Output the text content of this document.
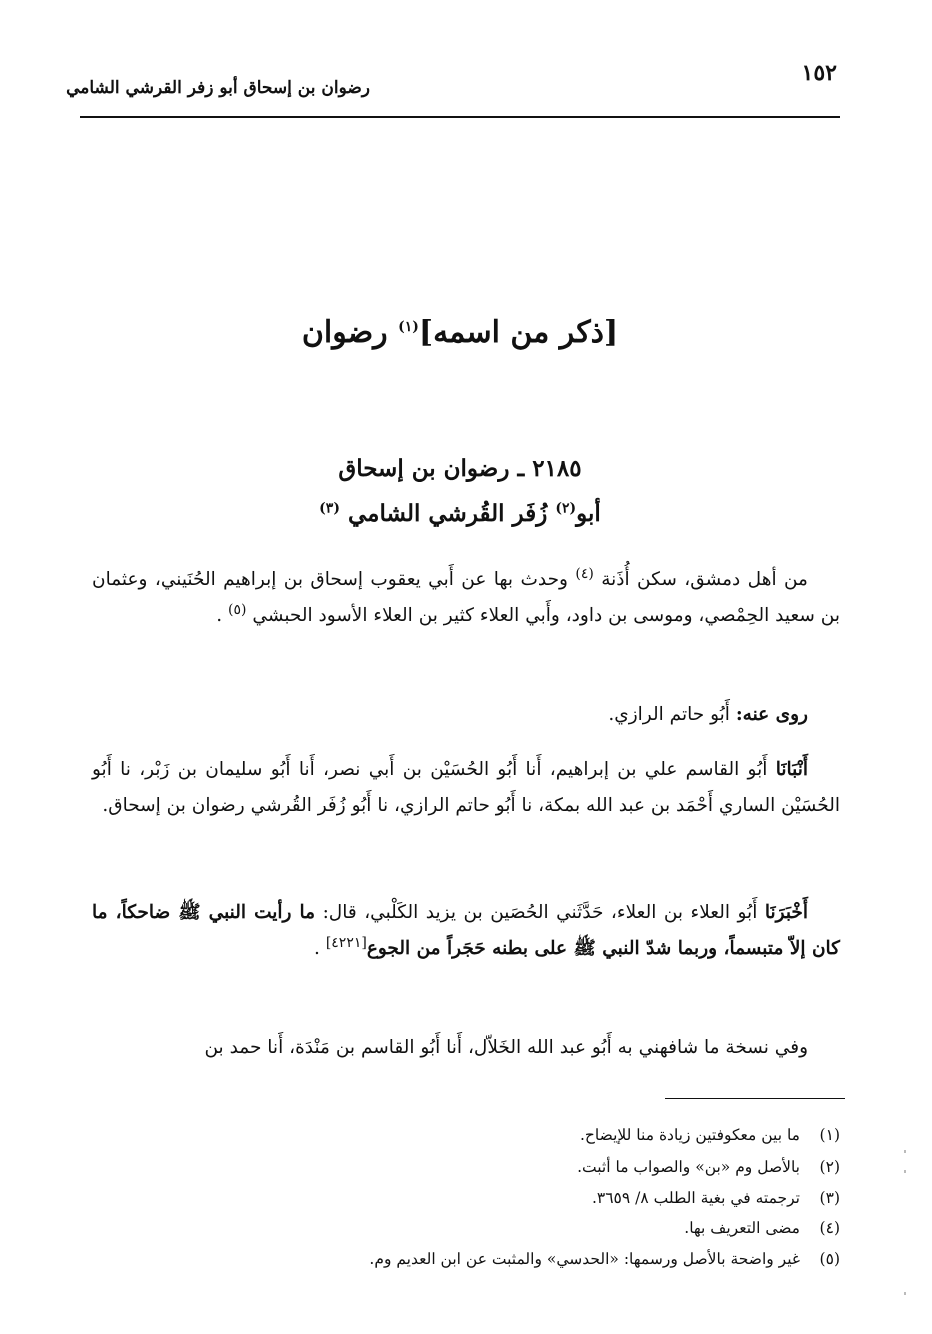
١٥٢
رضوان بن إسحاق أبو زفر القرشي الشامي
[ذكر من اسمه]$^{(١)}$ رضوان
٢١٨٥ ـ رضوان بن إسحاق
أبو$^{(٢)}$ زُفَر القُرشي الشامي $^{(٣)}$
من أهل دمشق، سكن أُذَنة $^{(٤)}$ وحدث بها عن أَبي يعقوب إسحاق بن إبراهيم الحُنَيني، وعثمان بن سعيد الحِمْصي، وموسى بن داود، وأَبي العلاء كثير بن العلاء الأسود الحبشي $^{(٥)}$ .
روى عنه: أَبُو حاتم الرازي.
أَنْبَانَا أَبُو القاسم علي بن إبراهيم، أَنا أَبُو الحُسَيْن بن أَبي نصر، أَنا أَبُو سليمان بن زَبْر، نا أَبُو الحُسَيْن الساري أَحْمَد بن عبد الله بمكة، نا أَبُو حاتم الرازي، نا أَبُو زُفَر القُرشي رضوان بن إسحاق.
أَخْبَرَنَا أَبُو العلاء بن العلاء، حَدَّثَني الحُصَين بن يزيد الكَلْبي، قال: ما رأيت النبي ﷺ ضاحكاً، ما كان إلاّ متبسماً، وربما شدّ النبي ﷺ على بطنه حَجَراً من الجوع[٤٢٢١] .
وفي نسخة ما شافهني به أَبُو عبد الله الخَلاّل، أَنا أَبُو القاسم بن مَنْدَة، أَنا حمد بن
(١)ما بين معكوفتين زيادة منا للإيضاح.
(٢)بالأصل وم «بن» والصواب ما أثبت.
(٣)ترجمته في بغية الطلب ٨/ ٣٦٥٩.
(٤)مضى التعريف بها.
(٥)غير واضحة بالأصل ورسمها: «الحدسي» والمثبت عن ابن العديم وم.
